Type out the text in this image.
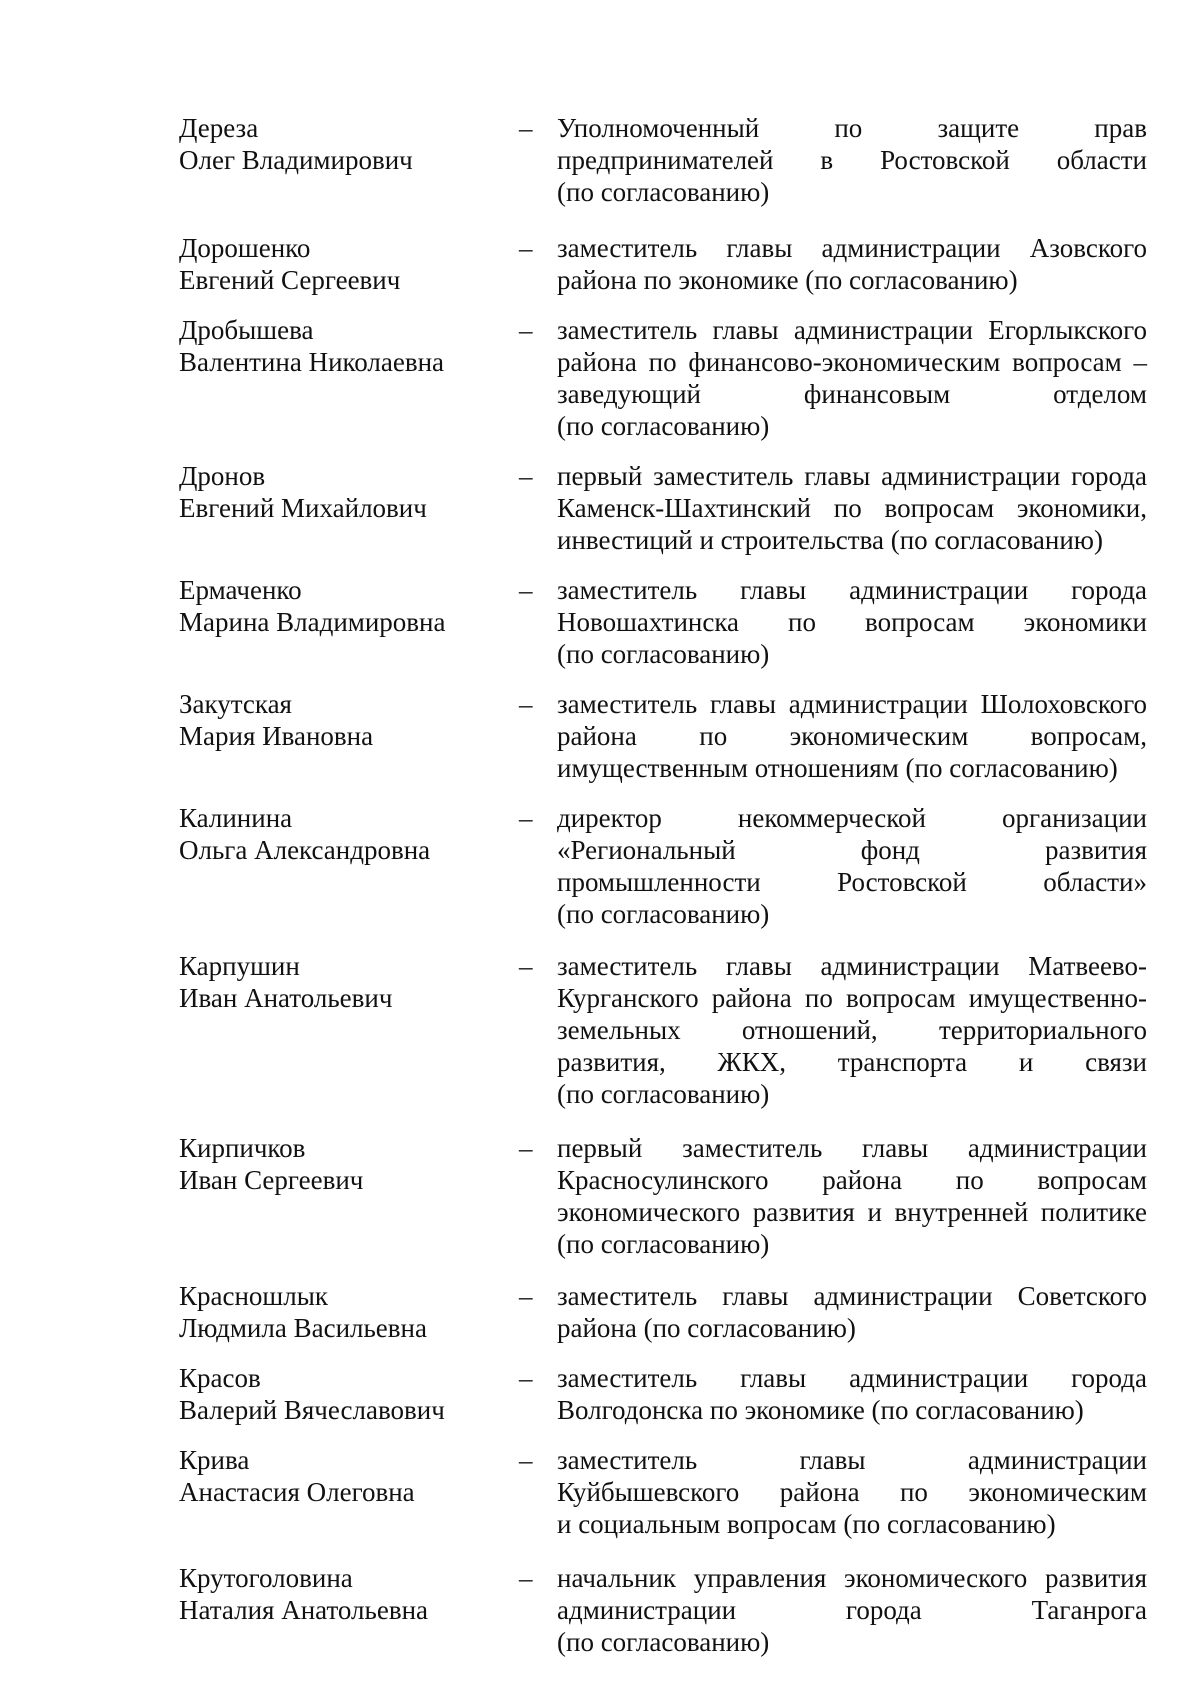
Дереза
Олег Владимирович
– Уполномоченный по защите прав
предпринимателей в Ростовской области
(по согласованию)
Дорошенко
Евгений Сергеевич
– заместитель главы администрации Азовского
района по экономике (по согласованию)
Дробышева
Валентина Николаевна
– заместитель главы администрации Егорлыкского
района по финансово-экономическим вопросам –
заведующий финансовым отделом
(по согласованию)
Дронов
Евгений Михайлович
– первый заместитель главы администрации города
Каменск-Шахтинский по вопросам экономики,
инвестиций и строительства (по согласованию)
Ермаченко
Марина Владимировна
– заместитель главы администрации города
Новошахтинска по вопросам экономики
(по согласованию)
Закутская
Мария Ивановна
– заместитель главы администрации Шолоховского
района по экономическим вопросам,
имущественным отношениям (по согласованию)
Калинина
Ольга Александровна
– директор некоммерческой организации
«Региональный фонд развития
промышленности Ростовской области»
(по согласованию)
Карпушин
Иван Анатольевич
– заместитель главы администрации Матвеево-
Курганского района по вопросам имущественно-
земельных отношений, территориального
развития, ЖКХ, транспорта и связи
(по согласованию)
Кирпичков
Иван Сергеевич
– первый заместитель главы администрации
Красносулинского района по вопросам
экономического развития и внутренней политике
(по согласованию)
Красношлык
Людмила Васильевна
– заместитель главы администрации Советского
района (по согласованию)
Красов
Валерий Вячеславович
– заместитель главы администрации города
Волгодонска по экономике (по согласованию)
Крива
Анастасия Олеговна
– заместитель главы администрации
Куйбышевского района по экономическим
и социальным вопросам (по согласованию)
Крутоголовина
Наталия Анатольевна
– начальник управления экономического развития
администрации города Таганрога
(по согласованию)
